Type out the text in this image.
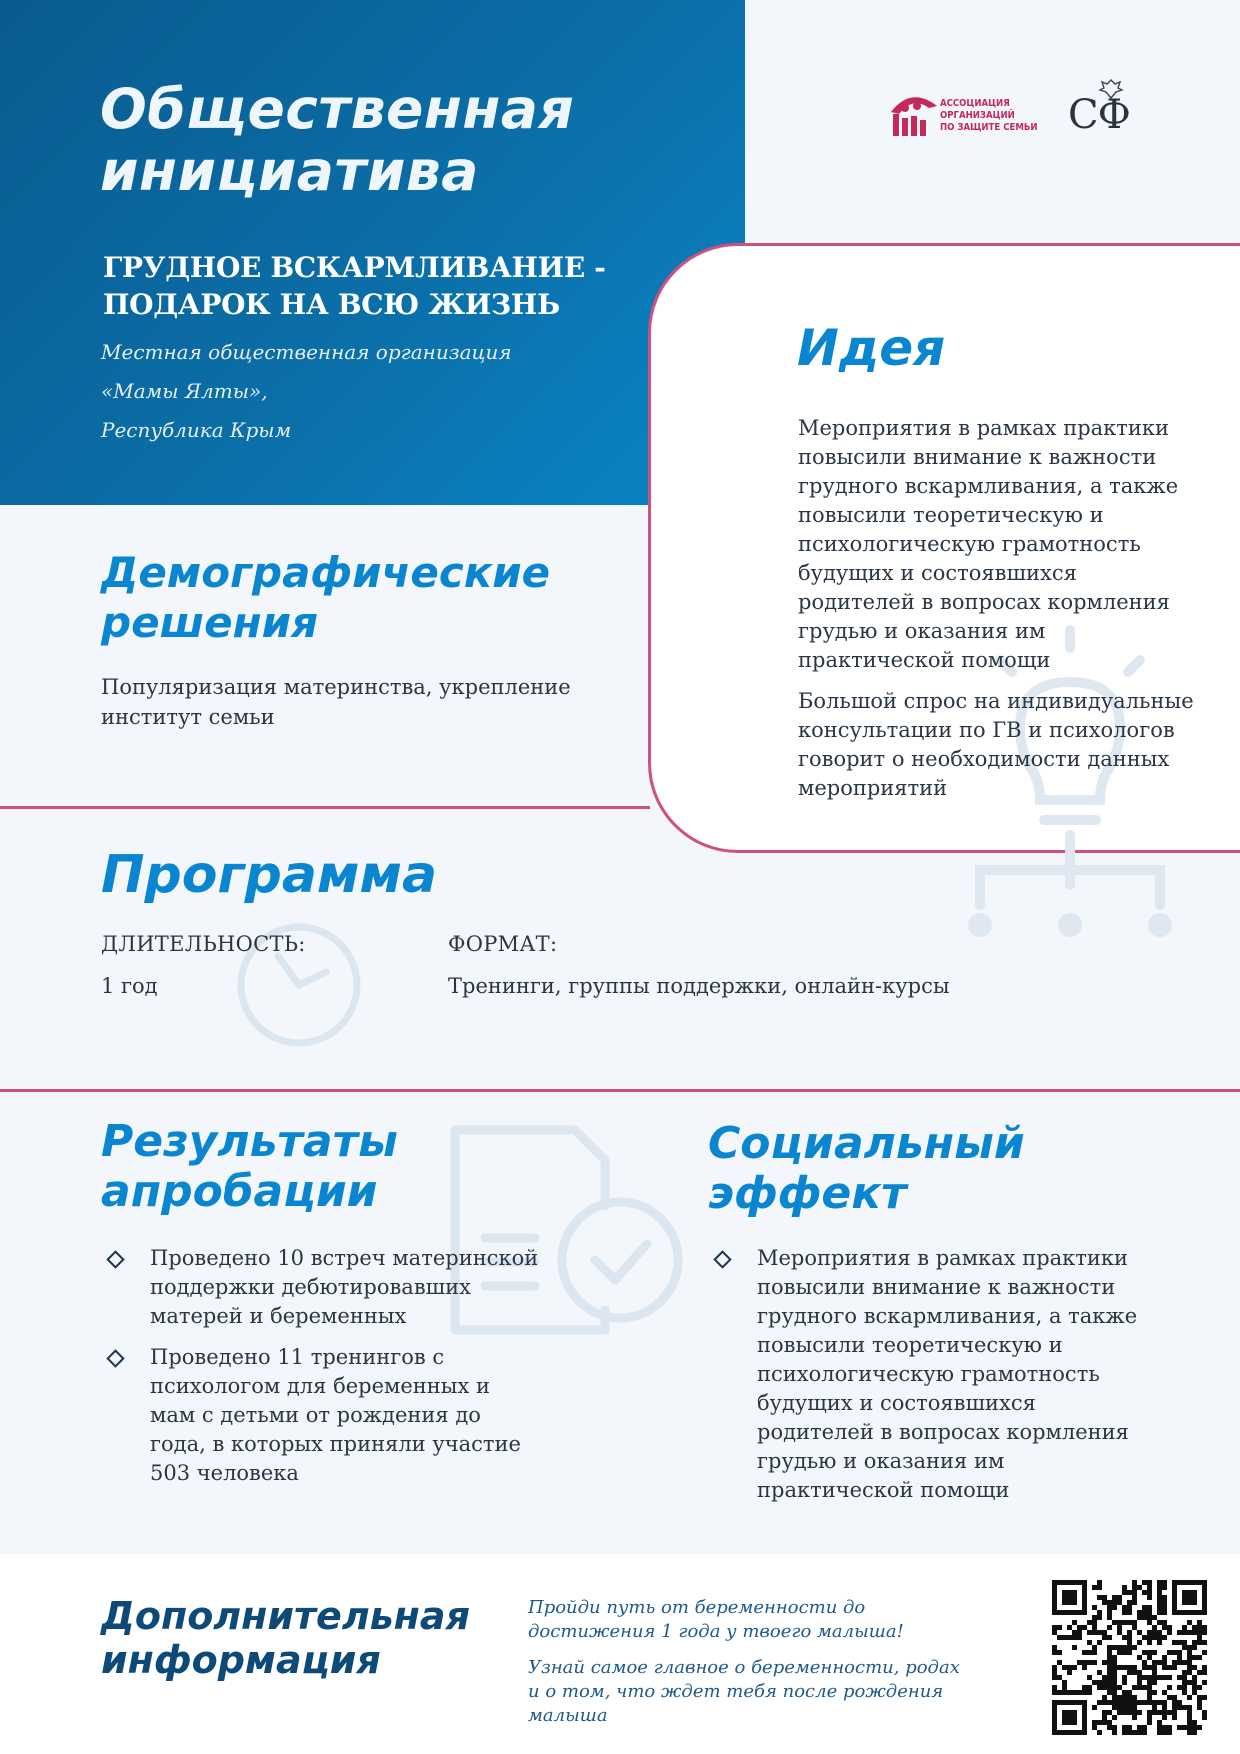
Общественная инициатива
ГРУДНОЕ ВСКАРМЛИВАНИЕ - ПОДАРОК НА ВСЮ ЖИЗНЬ
Местная общественная организация
«Мамы Ялты»,
Республика Крым
АССОЦИАЦИЯ
ОРГАНИЗАЦИЙ
ПО ЗАЩИТЕ СЕМЬИ СФ
Идея

Мероприятия в рамках практики повысили внимание к важности грудного вскармливания, а также повысили теоретическую и психологическую грамотность будущих и состоявшихся родителей в вопросах кормления грудью и оказания им практической помощи

Большой спрос на индивидуальные консультации по ГВ и психологов говорит о необходимости данных мероприятий

Демографические решения
Популяризация материнства, укрепление институт семьи
Программа
ДЛИТЕЛЬНОСТЬ:
1 год
ФОРМАТ:
Тренинги, группы поддержки, онлайн-курсы
Результаты апробации
Проведено 10 встреч материнской поддержки дебютировавших матерей и беременных
Проведено 11 тренингов с психологом для беременных и мам с детьми от рождения до года, в которых приняли участие 503 человека
Социальный эффект
Мероприятия в рамках практики повысили внимание к важности грудного вскармливания, а также повысили теоретическую и психологическую грамотность будущих и состоявшихся родителей в вопросах кормления грудью и оказания им практической помощи
Дополнительная информация

Пройди путь от беременности до достижения 1 года у твоего малыша!

Узнай самое главное о беременности, родах и о том, что ждет тебя после рождения малыша
